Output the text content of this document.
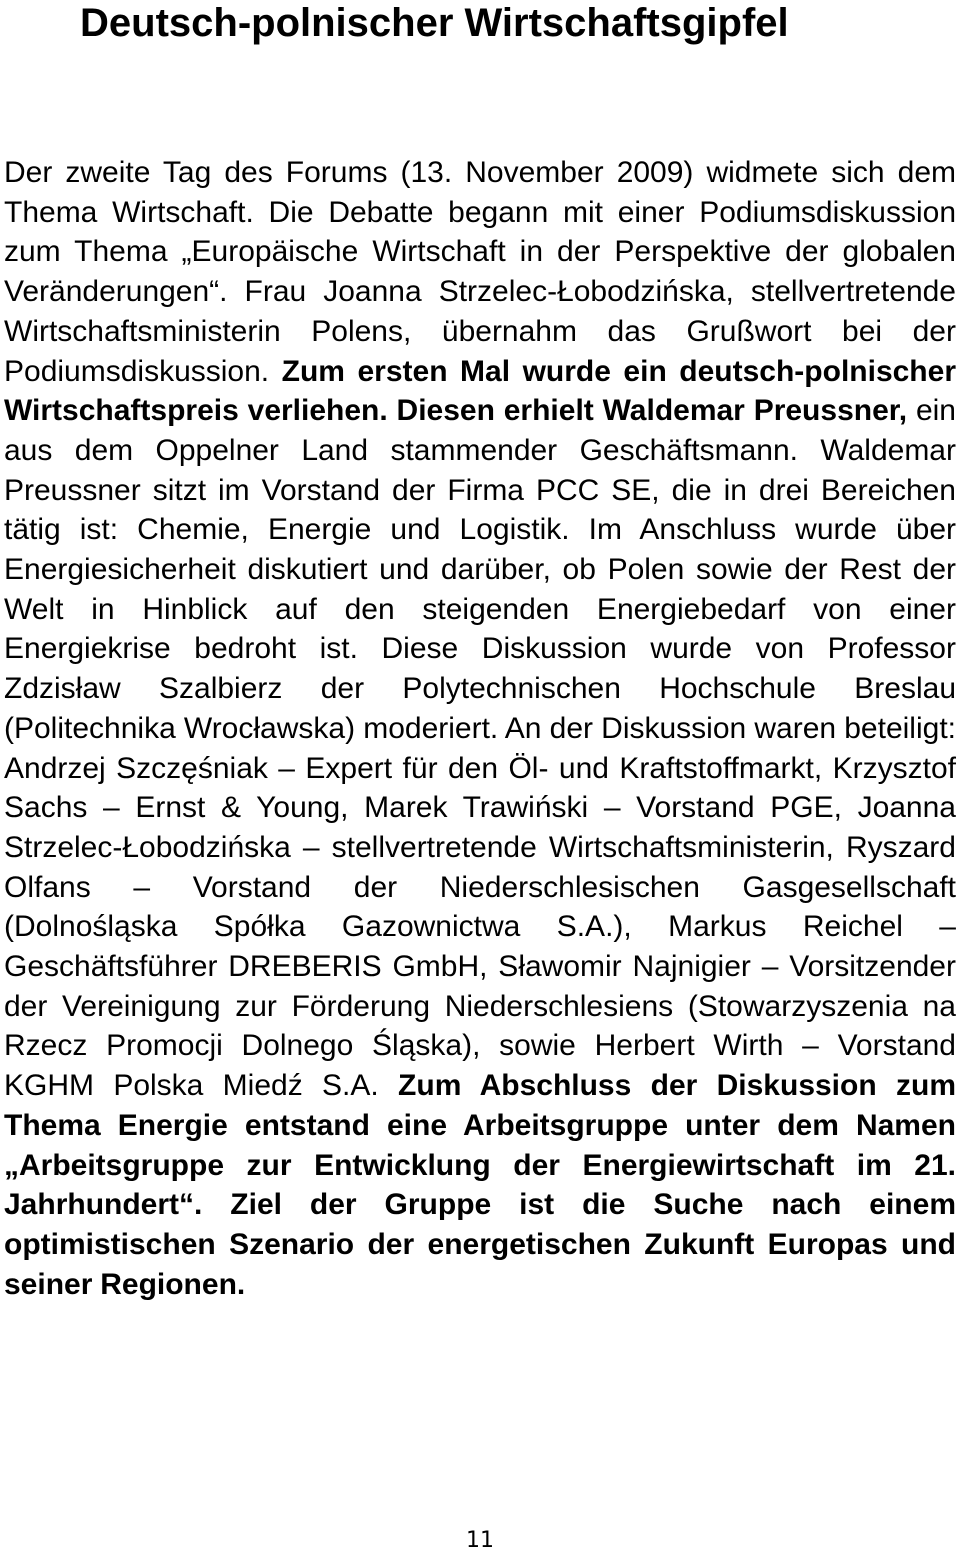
Deutsch-polnischer Wirtschaftsgipfel

Der zweite Tag des Forums (13. November 2009) widmete sich dem Thema Wirtschaft. Die Debatte begann mit einer Podiumsdiskussion zum Thema „Europäische Wirtschaft in der Perspektive der globalen Veränderungen“. Frau Joanna Strzelec-Łobodzińska, stellvertretende Wirtschaftsministerin Polens, übernahm das Grußwort bei der Podiumsdiskussion. Zum ersten Mal wurde ein deutsch-polnischer Wirtschaftspreis verliehen. Diesen erhielt Waldemar Preussner, ein aus dem Oppelner Land stammender Geschäftsmann. Waldemar Preussner sitzt im Vorstand der Firma PCC SE, die in drei Bereichen tätig ist: Chemie, Energie und Logistik. Im Anschluss wurde über Energiesicherheit diskutiert und darüber, ob Polen sowie der Rest der Welt in Hinblick auf den steigenden Energiebedarf von einer Energiekrise bedroht ist. Diese Diskussion wurde von Professor Zdzisław Szalbierz der Polytechnischen Hochschule Breslau (Politechnika Wrocławska) moderiert. An der Diskussion waren beteiligt: Andrzej Szczęśniak – Expert für den Öl- und Kraftstoffmarkt, Krzysztof Sachs – Ernst & Young, Marek Trawiński – Vorstand PGE, Joanna Strzelec-Łobodzińska – stellvertretende Wirtschaftsministerin, Ryszard Olfans – Vorstand der Niederschlesischen Gasgesellschaft (Dolnośląska Spółka Gazownictwa S.A.), Markus Reichel – Geschäftsführer DREBERIS GmbH, Sławomir Najnigier – Vorsitzender der Vereinigung zur Förderung Niederschlesiens (Stowarzyszenia na Rzecz Promocji Dolnego Śląska), sowie Herbert Wirth – Vorstand KGHM Polska Miedź S.A. Zum Abschluss der Diskussion zum Thema Energie entstand eine Arbeitsgruppe unter dem Namen „Arbeitsgruppe zur Entwicklung der Energiewirtschaft im 21. Jahrhundert“. Ziel der Gruppe ist die Suche nach einem optimistischen Szenario der energetischen Zukunft Europas und seiner Regionen.

11
